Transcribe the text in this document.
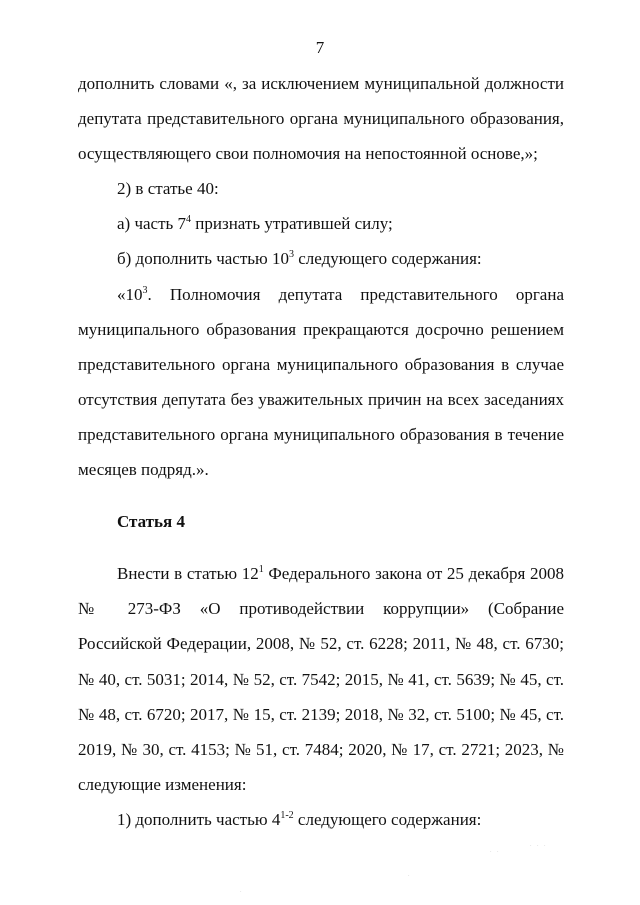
7
дополнить словами «, за исключением муниципальной должности
депутата представительного органа муниципального образования,
осуществляющего свои полномочия на непостоянной основе,»;
2) в статье 40:
а) часть $7^4$ признать утратившей силу;
б) дополнить частью $10^3$ следующего содержания:
«$10^3$. Полномочия депутата представительного органа
муниципального образования прекращаются досрочно решением
представительного органа муниципального образования в случае
отсутствия депутата без уважительных причин на всех заседаниях
представительного органа муниципального образования в течение
месяцев подряд.».
Статья 4
Внести в статью $12^1$ Федерального закона от 25 декабря 2008
№ 273-ФЗ «О противодействии коррупции» (Собрание
Российской Федерации, 2008, № 52, ст. 6228; 2011, № 48, ст. 6730;
№ 40, ст. 5031; 2014, № 52, ст. 7542; 2015, № 41, ст. 5639; № 45, ст.
№ 48, ст. 6720; 2017, № 15, ст. 2139; 2018, № 32, ст. 5100; № 45, ст.
2019, № 30, ст. 4153; № 51, ст. 7484; 2020, № 17, ст. 2721; 2023, №
следующие изменения:
1) дополнить частью 4$^{1-2}$ следующего содержания:
. .
. . .
.
.
